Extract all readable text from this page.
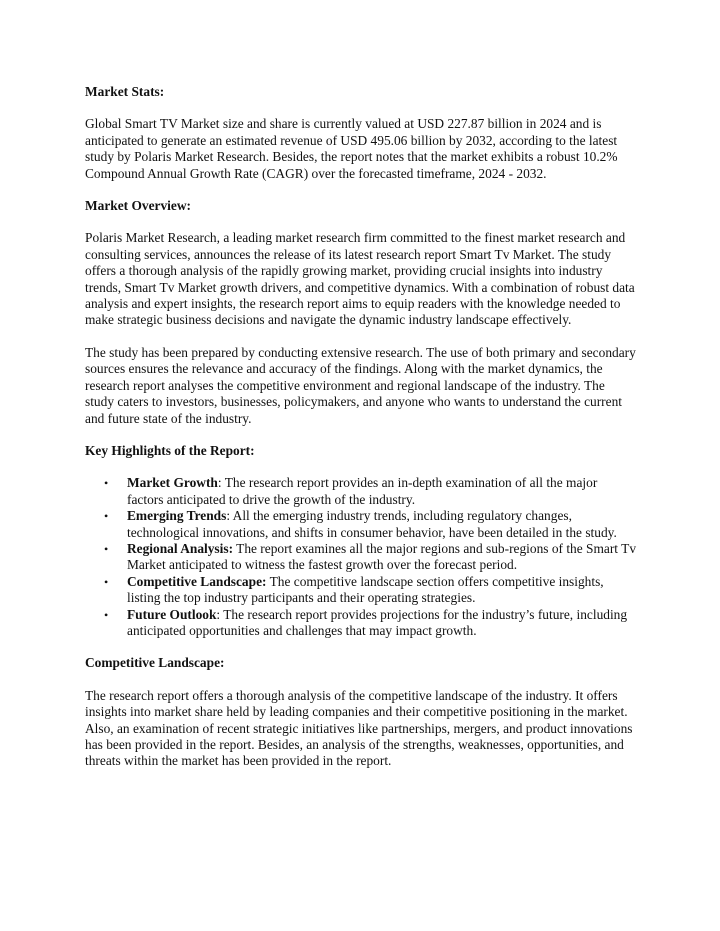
Market Stats:

Global Smart TV Market size and share is currently valued at USD 227.87 billion in 2024 and is anticipated to generate an estimated revenue of USD 495.06 billion by 2032, according to the latest study by Polaris Market Research. Besides, the report notes that the market exhibits a robust 10.2% Compound Annual Growth Rate (CAGR) over the forecasted timeframe, 2024 - 2032.

Market Overview:

Polaris Market Research, a leading market research firm committed to the finest market research and consulting services, announces the release of its latest research report Smart Tv Market. The study offers a thorough analysis of the rapidly growing market, providing crucial insights into industry trends, Smart Tv Market growth drivers, and competitive dynamics. With a combination of robust data analysis and expert insights, the research report aims to equip readers with the knowledge needed to make strategic business decisions and navigate the dynamic industry landscape effectively.

The study has been prepared by conducting extensive research. The use of both primary and secondary sources ensures the relevance and accuracy of the findings. Along with the market dynamics, the research report analyses the competitive environment and regional landscape of the industry. The study caters to investors, businesses, policymakers, and anyone who wants to understand the current and future state of the industry.

Key Highlights of the Report:

• Market Growth: The research report provides an in-depth examination of all the major factors anticipated to drive the growth of the industry.
• Emerging Trends: All the emerging industry trends, including regulatory changes, technological innovations, and shifts in consumer behavior, have been detailed in the study.
• Regional Analysis: The report examines all the major regions and sub-regions of the Smart Tv Market anticipated to witness the fastest growth over the forecast period.
• Competitive Landscape: The competitive landscape section offers competitive insights, listing the top industry participants and their operating strategies.
• Future Outlook: The research report provides projections for the industry’s future, including anticipated opportunities and challenges that may impact growth.

Competitive Landscape:

The research report offers a thorough analysis of the competitive landscape of the industry. It offers insights into market share held by leading companies and their competitive positioning in the market. Also, an examination of recent strategic initiatives like partnerships, mergers, and product innovations has been provided in the report. Besides, an analysis of the strengths, weaknesses, opportunities, and threats within the market has been provided in the report.
